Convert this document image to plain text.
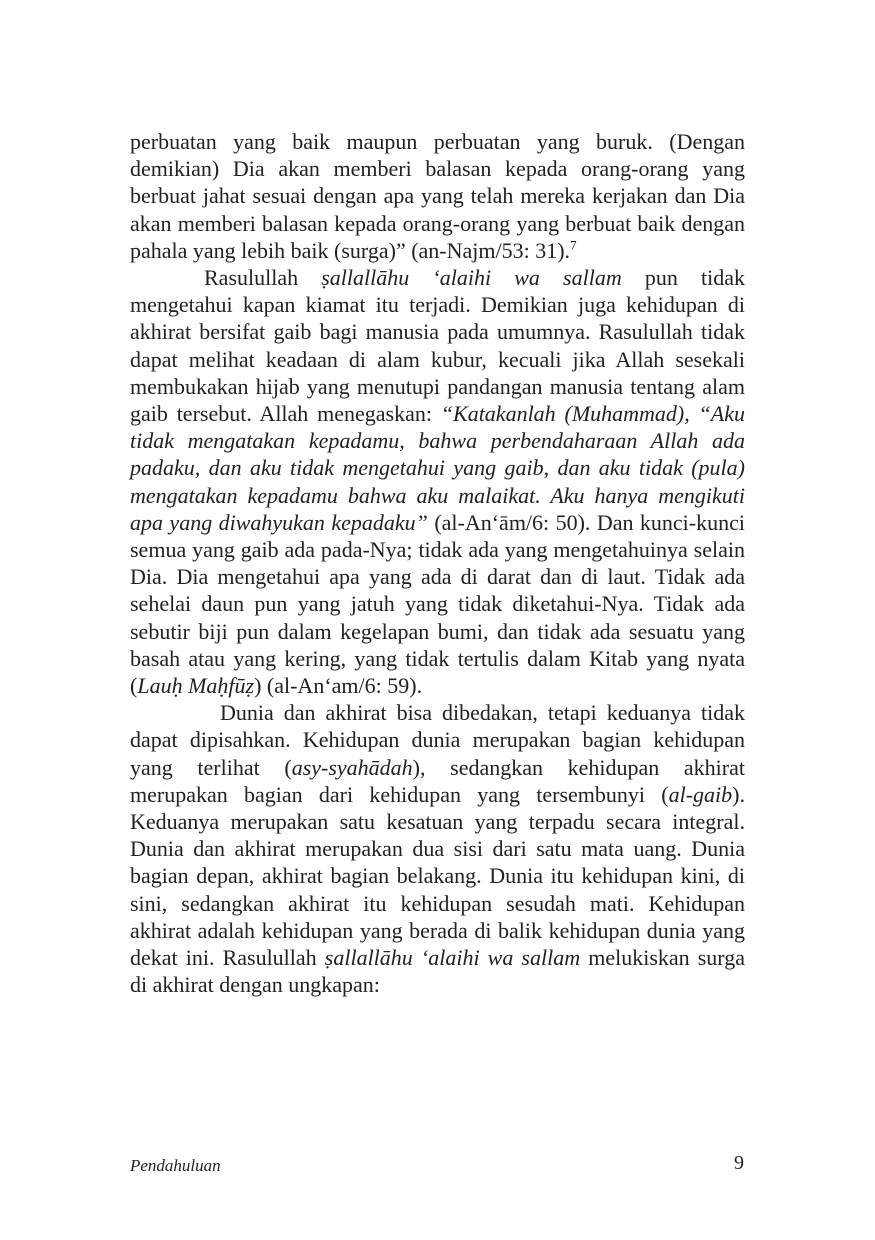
perbuatan yang baik maupun perbuatan yang buruk. (Dengan demikian) Dia akan memberi balasan kepada orang-orang yang berbuat jahat sesuai dengan apa yang telah mereka kerjakan dan Dia akan memberi balasan kepada orang-orang yang berbuat baik dengan pahala yang lebih baik (surga)” (an-Najm/53: 31).$^7$

Rasulullah ṣallallāhu ‘alaihi wa sallam pun tidak mengetahui kapan kiamat itu terjadi. Demikian juga kehidupan di akhirat bersifat gaib bagi manusia pada umumnya. Rasulullah tidak dapat melihat keadaan di alam kubur, kecuali jika Allah sesekali membukakan hijab yang menutupi pandangan manusia tentang alam gaib tersebut. Allah menegaskan: “Katakanlah (Muhammad), “Aku tidak mengatakan kepadamu, bahwa perbendaharaan Allah ada padaku, dan aku tidak mengetahui yang gaib, dan aku tidak (pula) mengatakan kepadamu bahwa aku malaikat. Aku hanya mengikuti apa yang diwahyukan kepadaku” (al-An‘ām/6: 50). Dan kunci-kunci semua yang gaib ada pada-Nya; tidak ada yang mengetahuinya selain Dia. Dia mengetahui apa yang ada di darat dan di laut. Tidak ada sehelai daun pun yang jatuh yang tidak diketahui-Nya. Tidak ada sebutir biji pun dalam kegelapan bumi, dan tidak ada sesuatu yang basah atau yang kering, yang tidak tertulis dalam Kitab yang nyata (Lauḥ Maḥfūẓ) (al-An‘am/6: 59).

Dunia dan akhirat bisa dibedakan, tetapi keduanya tidak dapat dipisahkan. Kehidupan dunia merupakan bagian kehidupan yang terlihat (asy-syahādah), sedangkan kehidupan akhirat merupakan bagian dari kehidupan yang tersembunyi (al-gaib). Keduanya merupakan satu kesatuan yang terpadu secara integral. Dunia dan akhirat merupakan dua sisi dari satu mata uang. Dunia bagian depan, akhirat bagian belakang. Dunia itu kehidupan kini, di sini, sedangkan akhirat itu kehidupan sesudah mati. Kehidupan akhirat adalah kehidupan yang berada di balik kehidupan dunia yang dekat ini. Rasulullah ṣallallāhu ‘alaihi wa sallam melukiskan surga di akhirat dengan ungkapan:

Pendahuluan	9
